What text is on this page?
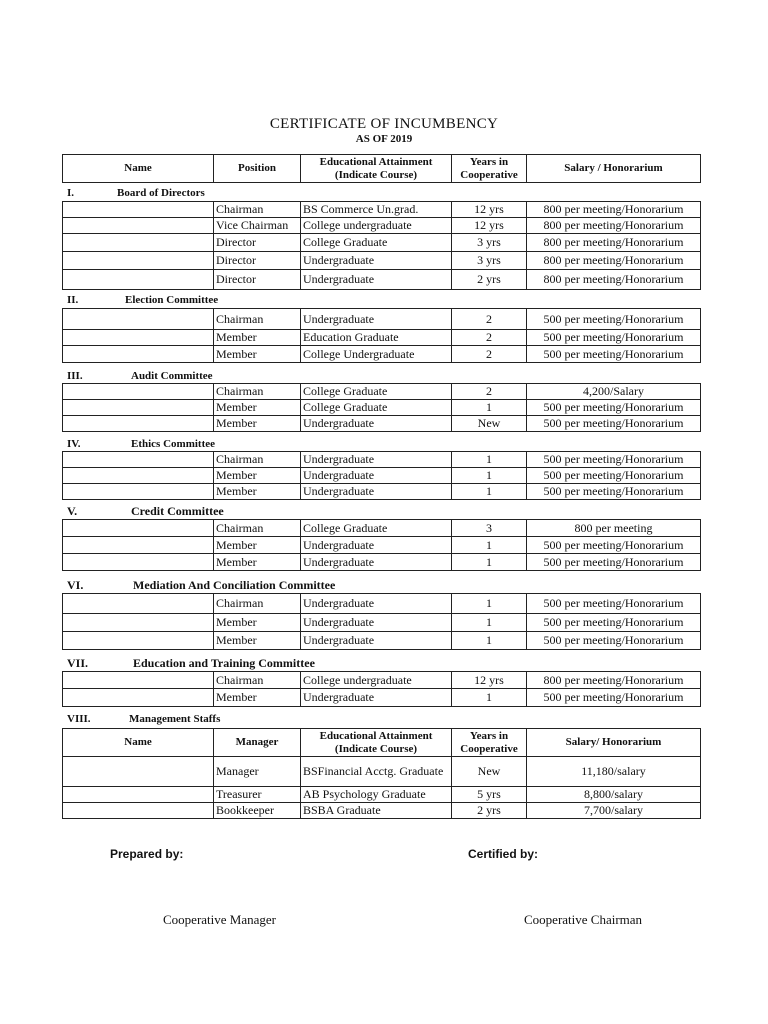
CERTIFICATE OF INCUMBENCY
AS OF 2019
Name	Position	Educational Attainment (Indicate Course)	Years in Cooperative	Salary / Honorarium
I.	Board of Directors
	Chairman	BS Commerce Un.grad.	12 yrs	800 per meeting/Honorarium
	Vice Chairman	College undergraduate	12 yrs	800 per meeting/Honorarium
	Director	College Graduate	3 yrs	800 per meeting/Honorarium
	Director	Undergraduate	3 yrs	800 per meeting/Honorarium
	Director	Undergraduate	2 yrs	800 per meeting/Honorarium
II.	Election Committee
	Chairman	Undergraduate	2	500 per meeting/Honorarium
	Member	Education Graduate	2	500 per meeting/Honorarium
	Member	College Undergraduate	2	500 per meeting/Honorarium
III.	Audit Committee
	Chairman	College Graduate	2	4,200/Salary
	Member	College Graduate	1	500 per meeting/Honorarium
	Member	Undergraduate	New	500 per meeting/Honorarium
IV.	Ethics Committee
	Chairman	Undergraduate	1	500 per meeting/Honorarium
	Member	Undergraduate	1	500 per meeting/Honorarium
	Member	Undergraduate	1	500 per meeting/Honorarium
V.	Credit Committee
	Chairman	College Graduate	3	800 per meeting
	Member	Undergraduate	1	500 per meeting/Honorarium
	Member	Undergraduate	1	500 per meeting/Honorarium
VI.	Mediation And Conciliation Committee
	Chairman	Undergraduate	1	500 per meeting/Honorarium
	Member	Undergraduate	1	500 per meeting/Honorarium
	Member	Undergraduate	1	500 per meeting/Honorarium
VII.	Education and Training Committee
	Chairman	College undergraduate	12 yrs	800 per meeting/Honorarium
	Member	Undergraduate	1	500 per meeting/Honorarium
VIII.	Management Staffs
Name	Manager	Educational Attainment (Indicate Course)	Years in Cooperative	Salary/ Honorarium
	Manager	BSFinancial Acctg. Graduate	New	11,180/salary
	Treasurer	AB Psychology Graduate	5 yrs	8,800/salary
	Bookkeeper	BSBA Graduate	2 yrs	7,700/salary
Prepared by:	Certified by:
Cooperative Manager	Cooperative Chairman
